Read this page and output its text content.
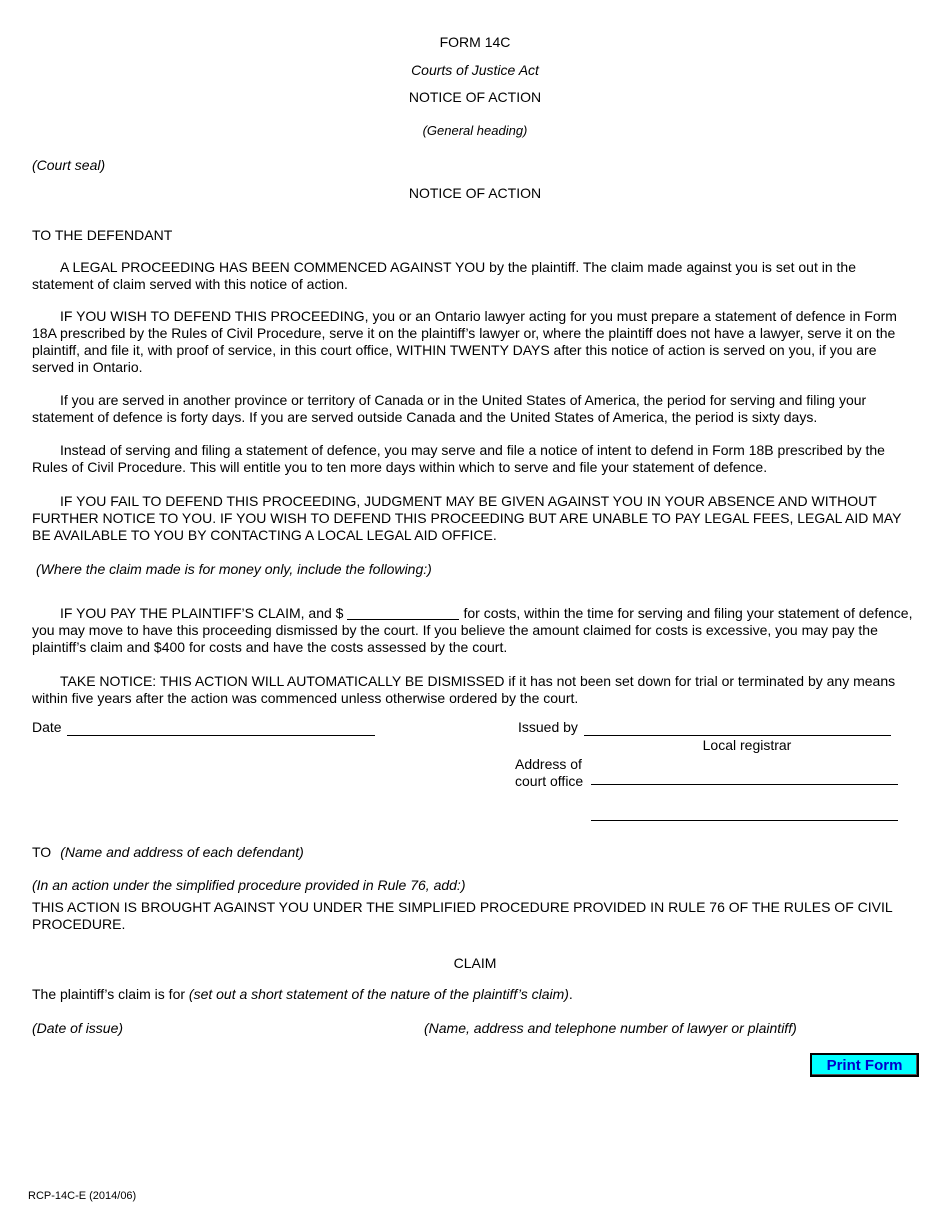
FORM 14C
Courts of Justice Act
NOTICE OF ACTION
(General heading)
(Court seal)
NOTICE OF ACTION
TO THE DEFENDANT
A LEGAL PROCEEDING HAS BEEN COMMENCED AGAINST YOU by the plaintiff. The claim made against you is set out in the statement of claim served with this notice of action.
IF YOU WISH TO DEFEND THIS PROCEEDING, you or an Ontario lawyer acting for you must prepare a statement of defence in Form 18A prescribed by the Rules of Civil Procedure, serve it on the plaintiff’s lawyer or, where the plaintiff does not have a lawyer, serve it on the plaintiff, and file it, with proof of service, in this court office, WITHIN TWENTY DAYS after this notice of action is served on you, if you are served in Ontario.
If you are served in another province or territory of Canada or in the United States of America, the period for serving and filing your statement of defence is forty days. If you are served outside Canada and the United States of America, the period is sixty days.
Instead of serving and filing a statement of defence, you may serve and file a notice of intent to defend in Form 18B prescribed by the Rules of Civil Procedure. This will entitle you to ten more days within which to serve and file your statement of defence.
IF YOU FAIL TO DEFEND THIS PROCEEDING, JUDGMENT MAY BE GIVEN AGAINST YOU IN YOUR ABSENCE AND WITHOUT FURTHER NOTICE TO YOU. IF YOU WISH TO DEFEND THIS PROCEEDING BUT ARE UNABLE TO PAY LEGAL FEES, LEGAL AID MAY BE AVAILABLE TO YOU BY CONTACTING A LOCAL LEGAL AID OFFICE.
(Where the claim made is for money only, include the following:)
IF YOU PAY THE PLAINTIFF’S CLAIM, and $	for costs, within the time for serving and filing your statement of defence, you may move to have this proceeding dismissed by the court. If you believe the amount claimed for costs is excessive, you may pay the plaintiff’s claim and $400 for costs and have the costs assessed by the court.
TAKE NOTICE: THIS ACTION WILL AUTOMATICALLY BE DISMISSED if it has not been set down for trial or terminated by any means within five years after the action was commenced unless otherwise ordered by the court.
Date	Issued by
Local registrar
Address of
court office
TO (Name and address of each defendant)
(In an action under the simplified procedure provided in Rule 76, add:)
THIS ACTION IS BROUGHT AGAINST YOU UNDER THE SIMPLIFIED PROCEDURE PROVIDED IN RULE 76 OF THE RULES OF CIVIL PROCEDURE.
CLAIM
The plaintiff’s claim is for (set out a short statement of the nature of the plaintiff’s claim).
(Date of issue)	(Name, address and telephone number of lawyer or plaintiff)
Print Form
RCP-14C-E (2014/06)
